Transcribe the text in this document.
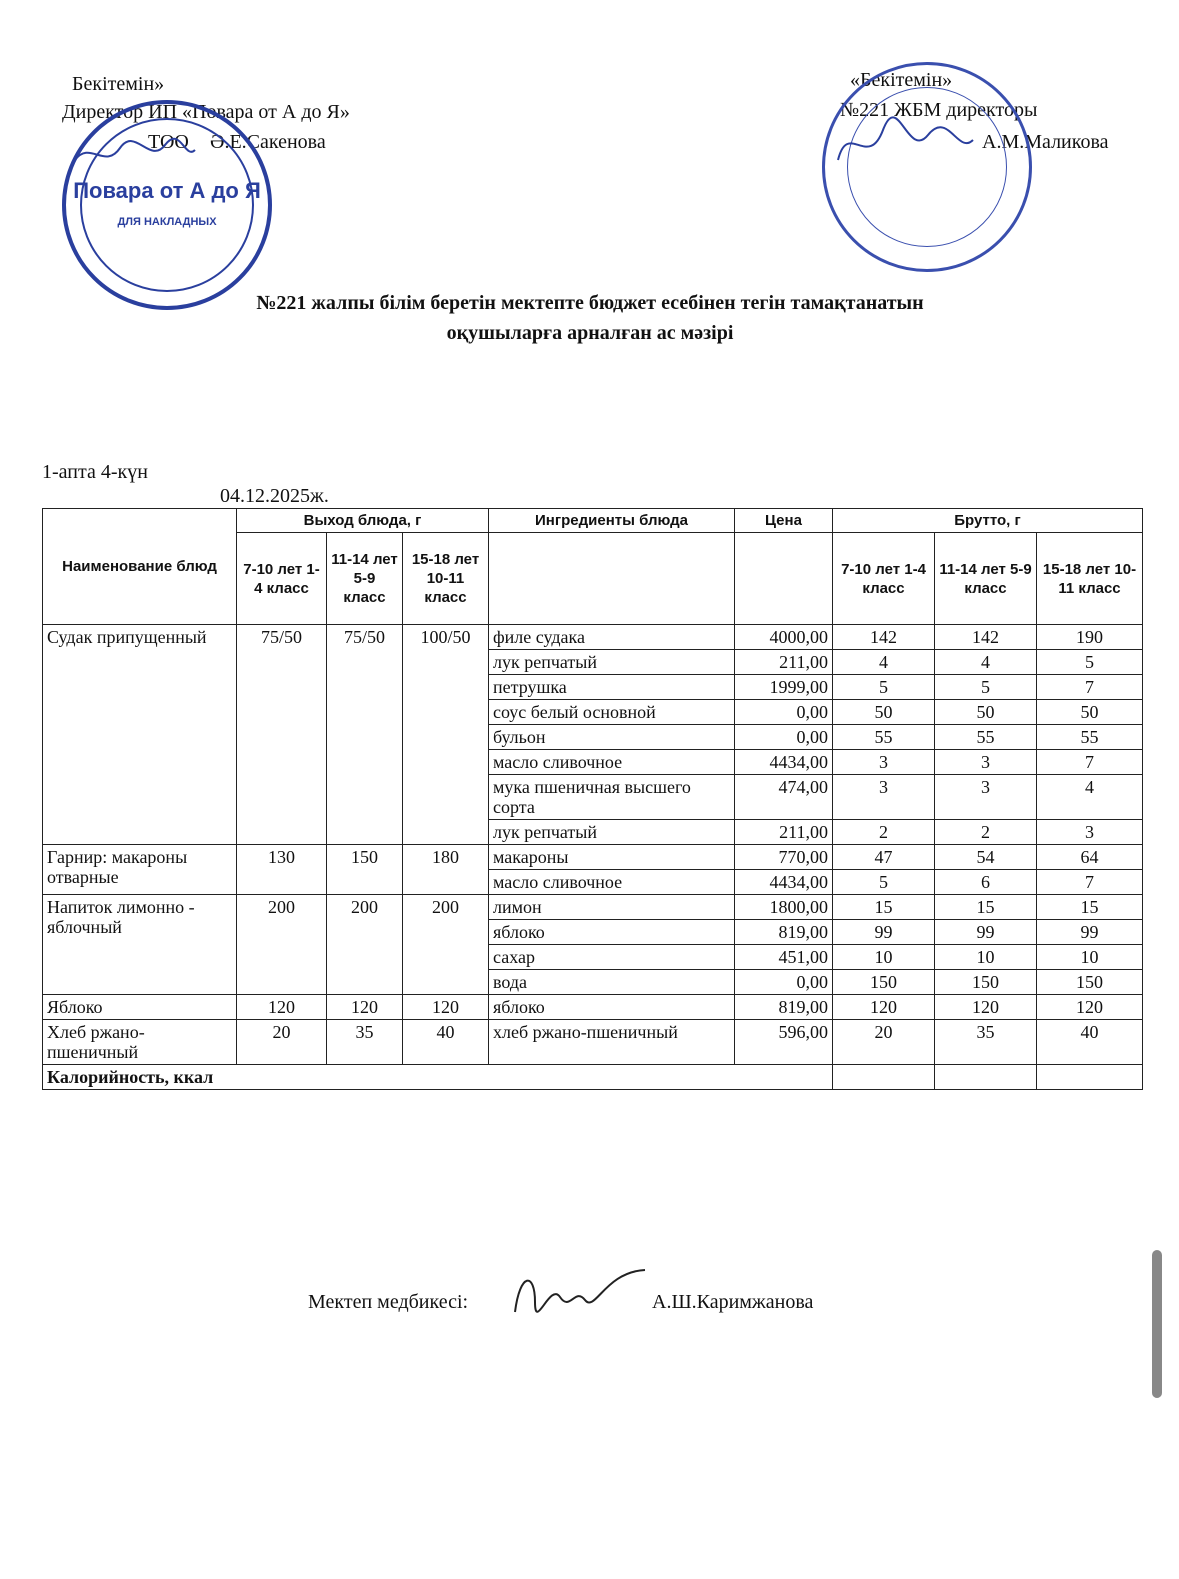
Бекітемін»
Директор ИП «Повара от А до Я»
ТОО Ә.Е.Сакенова
Повара от А до Я
ДЛЯ НАКЛАДНЫХ
«Бекітемін»
№221 ЖБМ директоры
А.М.Маликова
№221 жалпы білім беретін мектепте бюджет есебінен тегін тамақтанатын
оқушыларға арналған ас мәзірі
1-апта 4-күн
04.12.2025ж.
Наименование блюд	Выход блюда, г			Ингредиенты блюда	Цена	Брутто, г		
	7-10 лет 1-4 класс	11-14 лет 5-9 класс	15-18 лет 10-11 класс			7-10 лет 1-4 класс	11-14 лет 5-9 класс	15-18 лет 10-11 класс
Судак припущенный	75/50	75/50	100/50	филе судака	4000,00	142	142	190
				лук репчатый	211,00	4	4	5
				петрушка	1999,00	5	5	7
				соус белый основной	0,00	50	50	50
				бульон	0,00	55	55	55
				масло сливочное	4434,00	3	3	7
				мука пшеничная высшего сорта	474,00	3	3	4
				лук репчатый	211,00	2	2	3
Гарнир: макароны отварные	130	150	180	макароны	770,00	47	54	64
				масло сливочное	4434,00	5	6	7
Напиток лимонно - яблочный	200	200	200	лимон	1800,00	15	15	15
				яблоко	819,00	99	99	99
				сахар	451,00	10	10	10
				вода	0,00	150	150	150
Яблоко	120	120	120	яблоко	819,00	120	120	120
Хлеб ржано-пшеничный	20	35	40	хлеб ржано-пшеничный	596,00	20	35	40
Калорийность, ккал								
Мектеп медбикесі:	А.Ш.Каримжанова
